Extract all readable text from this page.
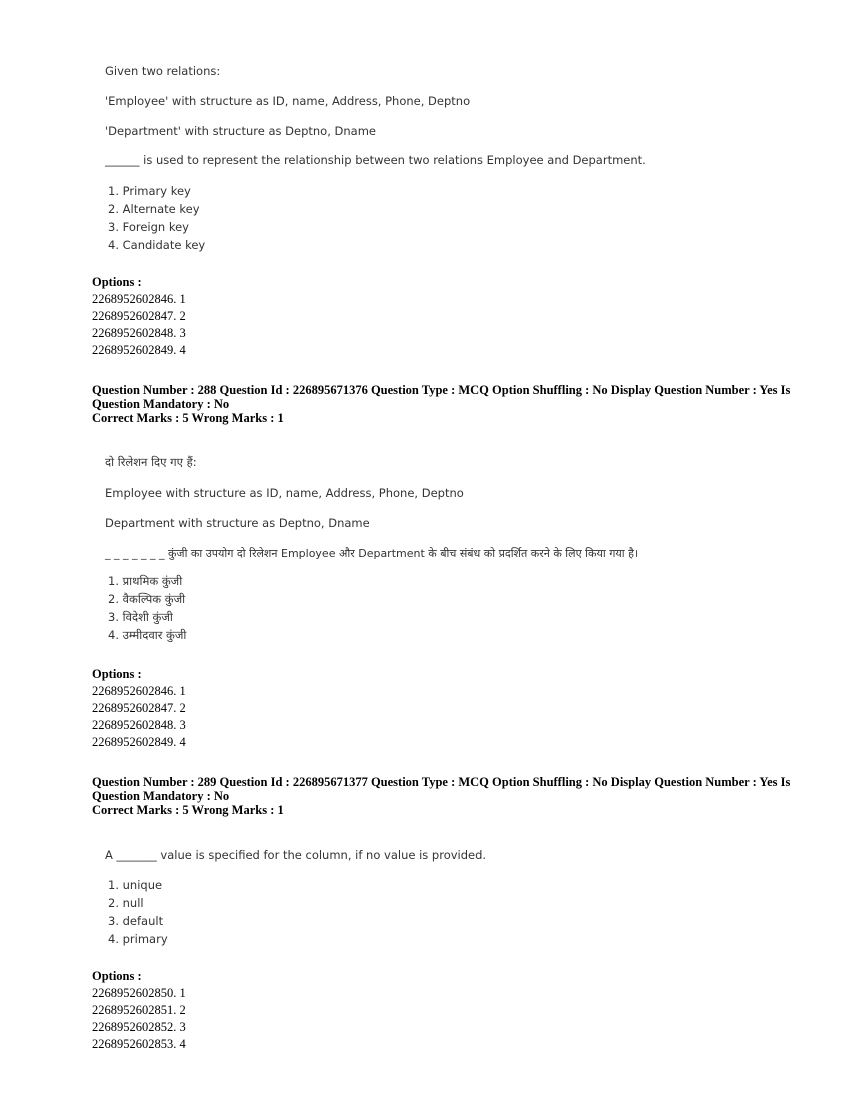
Given two relations:

'Employee' with structure as ID, name, Address, Phone, Deptno

'Department' with structure as Deptno, Dname

______ is used to represent the relationship between two relations Employee and Department.

1. Primary key
2. Alternate key
3. Foreign key
4. Candidate key
Options :
2268952602846. 1
2268952602847. 2
2268952602848. 3
2268952602849. 4
Question Number : 288 Question Id : 226895671376 Question Type : MCQ Option Shuffling : No Display Question Number : Yes Is
Question Mandatory : No
Correct Marks : 5 Wrong Marks : 1

दो रिलेशन दिए गए हैं:

Employee with structure as ID, name, Address, Phone, Deptno

Department with structure as Deptno, Dname

_ _ _ _ _ _ _ कुंजी का उपयोग दो रिलेशन Employee और Department के बीच संबंध को प्रदर्शित करने के लिए किया गया है।

1. प्राथमिक कुंजी
2. वैकल्पिक कुंजी
3. विदेशी कुंजी
4. उम्मीदवार कुंजी
Options :
2268952602846. 1
2268952602847. 2
2268952602848. 3
2268952602849. 4
Question Number : 289 Question Id : 226895671377 Question Type : MCQ Option Shuffling : No Display Question Number : Yes Is
Question Mandatory : No
Correct Marks : 5 Wrong Marks : 1

A _______ value is specified for the column, if no value is provided.

1. unique
2. null
3. default
4. primary
Options :
2268952602850. 1
2268952602851. 2
2268952602852. 3
2268952602853. 4
